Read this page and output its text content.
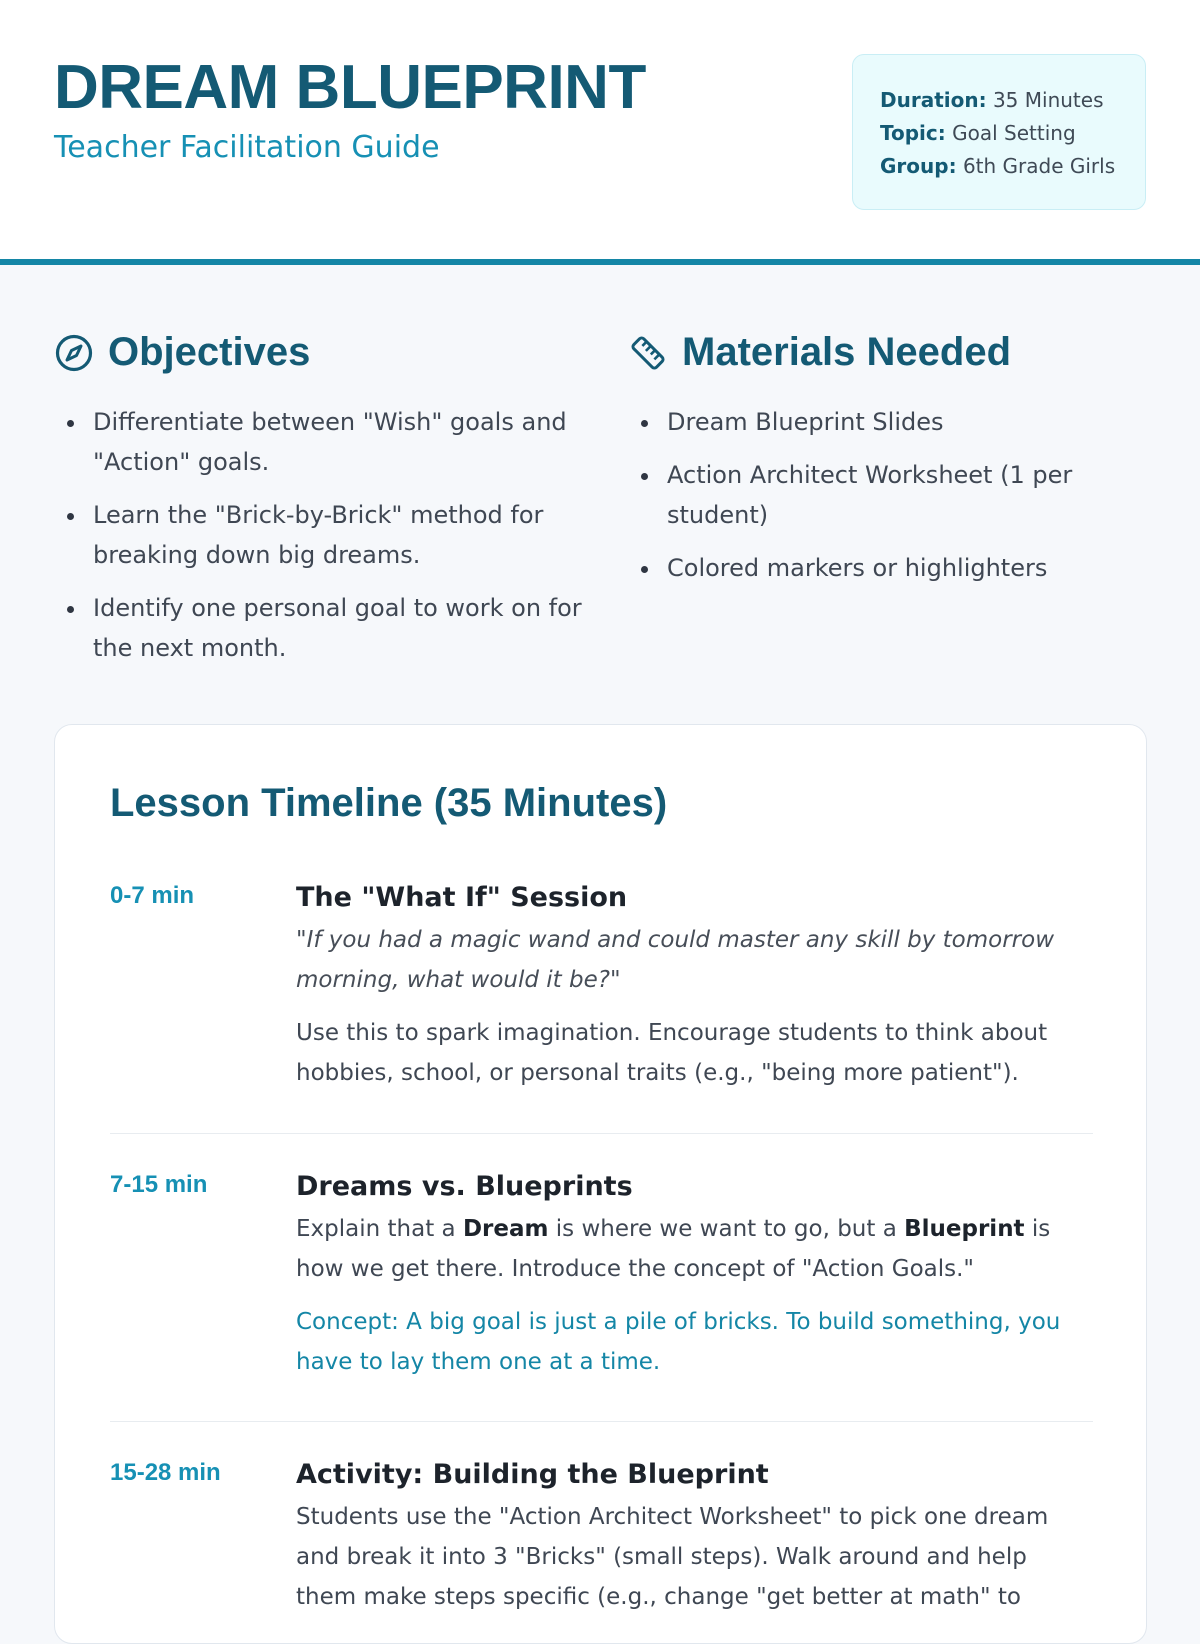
DREAM BLUEPRINT
Teacher Facilitation Guide
Duration: 35 Minutes
Topic: Goal Setting
Group: 6th Grade Girls
Objectives
Differentiate between "Wish" goals and "Action" goals.
Learn the "Brick-by-Brick" method for breaking down big dreams.
Identify one personal goal to work on for the next month.
Materials Needed
Dream Blueprint Slides
Action Architect Worksheet (1 per student)
Colored markers or highlighters
Lesson Timeline (35 Minutes)
0-7 min	The "What If" Session

"If you had a magic wand and could master any skill by tomorrow morning, what would it be?"

Use this to spark imagination. Encourage students to think about hobbies, school, or personal traits (e.g., "being more patient").

7-15 min	Dreams vs. Blueprints

Explain that a Dream is where we want to go, but a Blueprint is how we get there. Introduce the concept of "Action Goals."

Concept: A big goal is just a pile of bricks. To build something, you have to lay them one at a time.

15-28 min	Activity: Building the Blueprint

Students use the "Action Architect Worksheet" to pick one dream and break it into 3 "Bricks" (small steps). Walk around and help them make steps specific (e.g., change "get better at math" to
